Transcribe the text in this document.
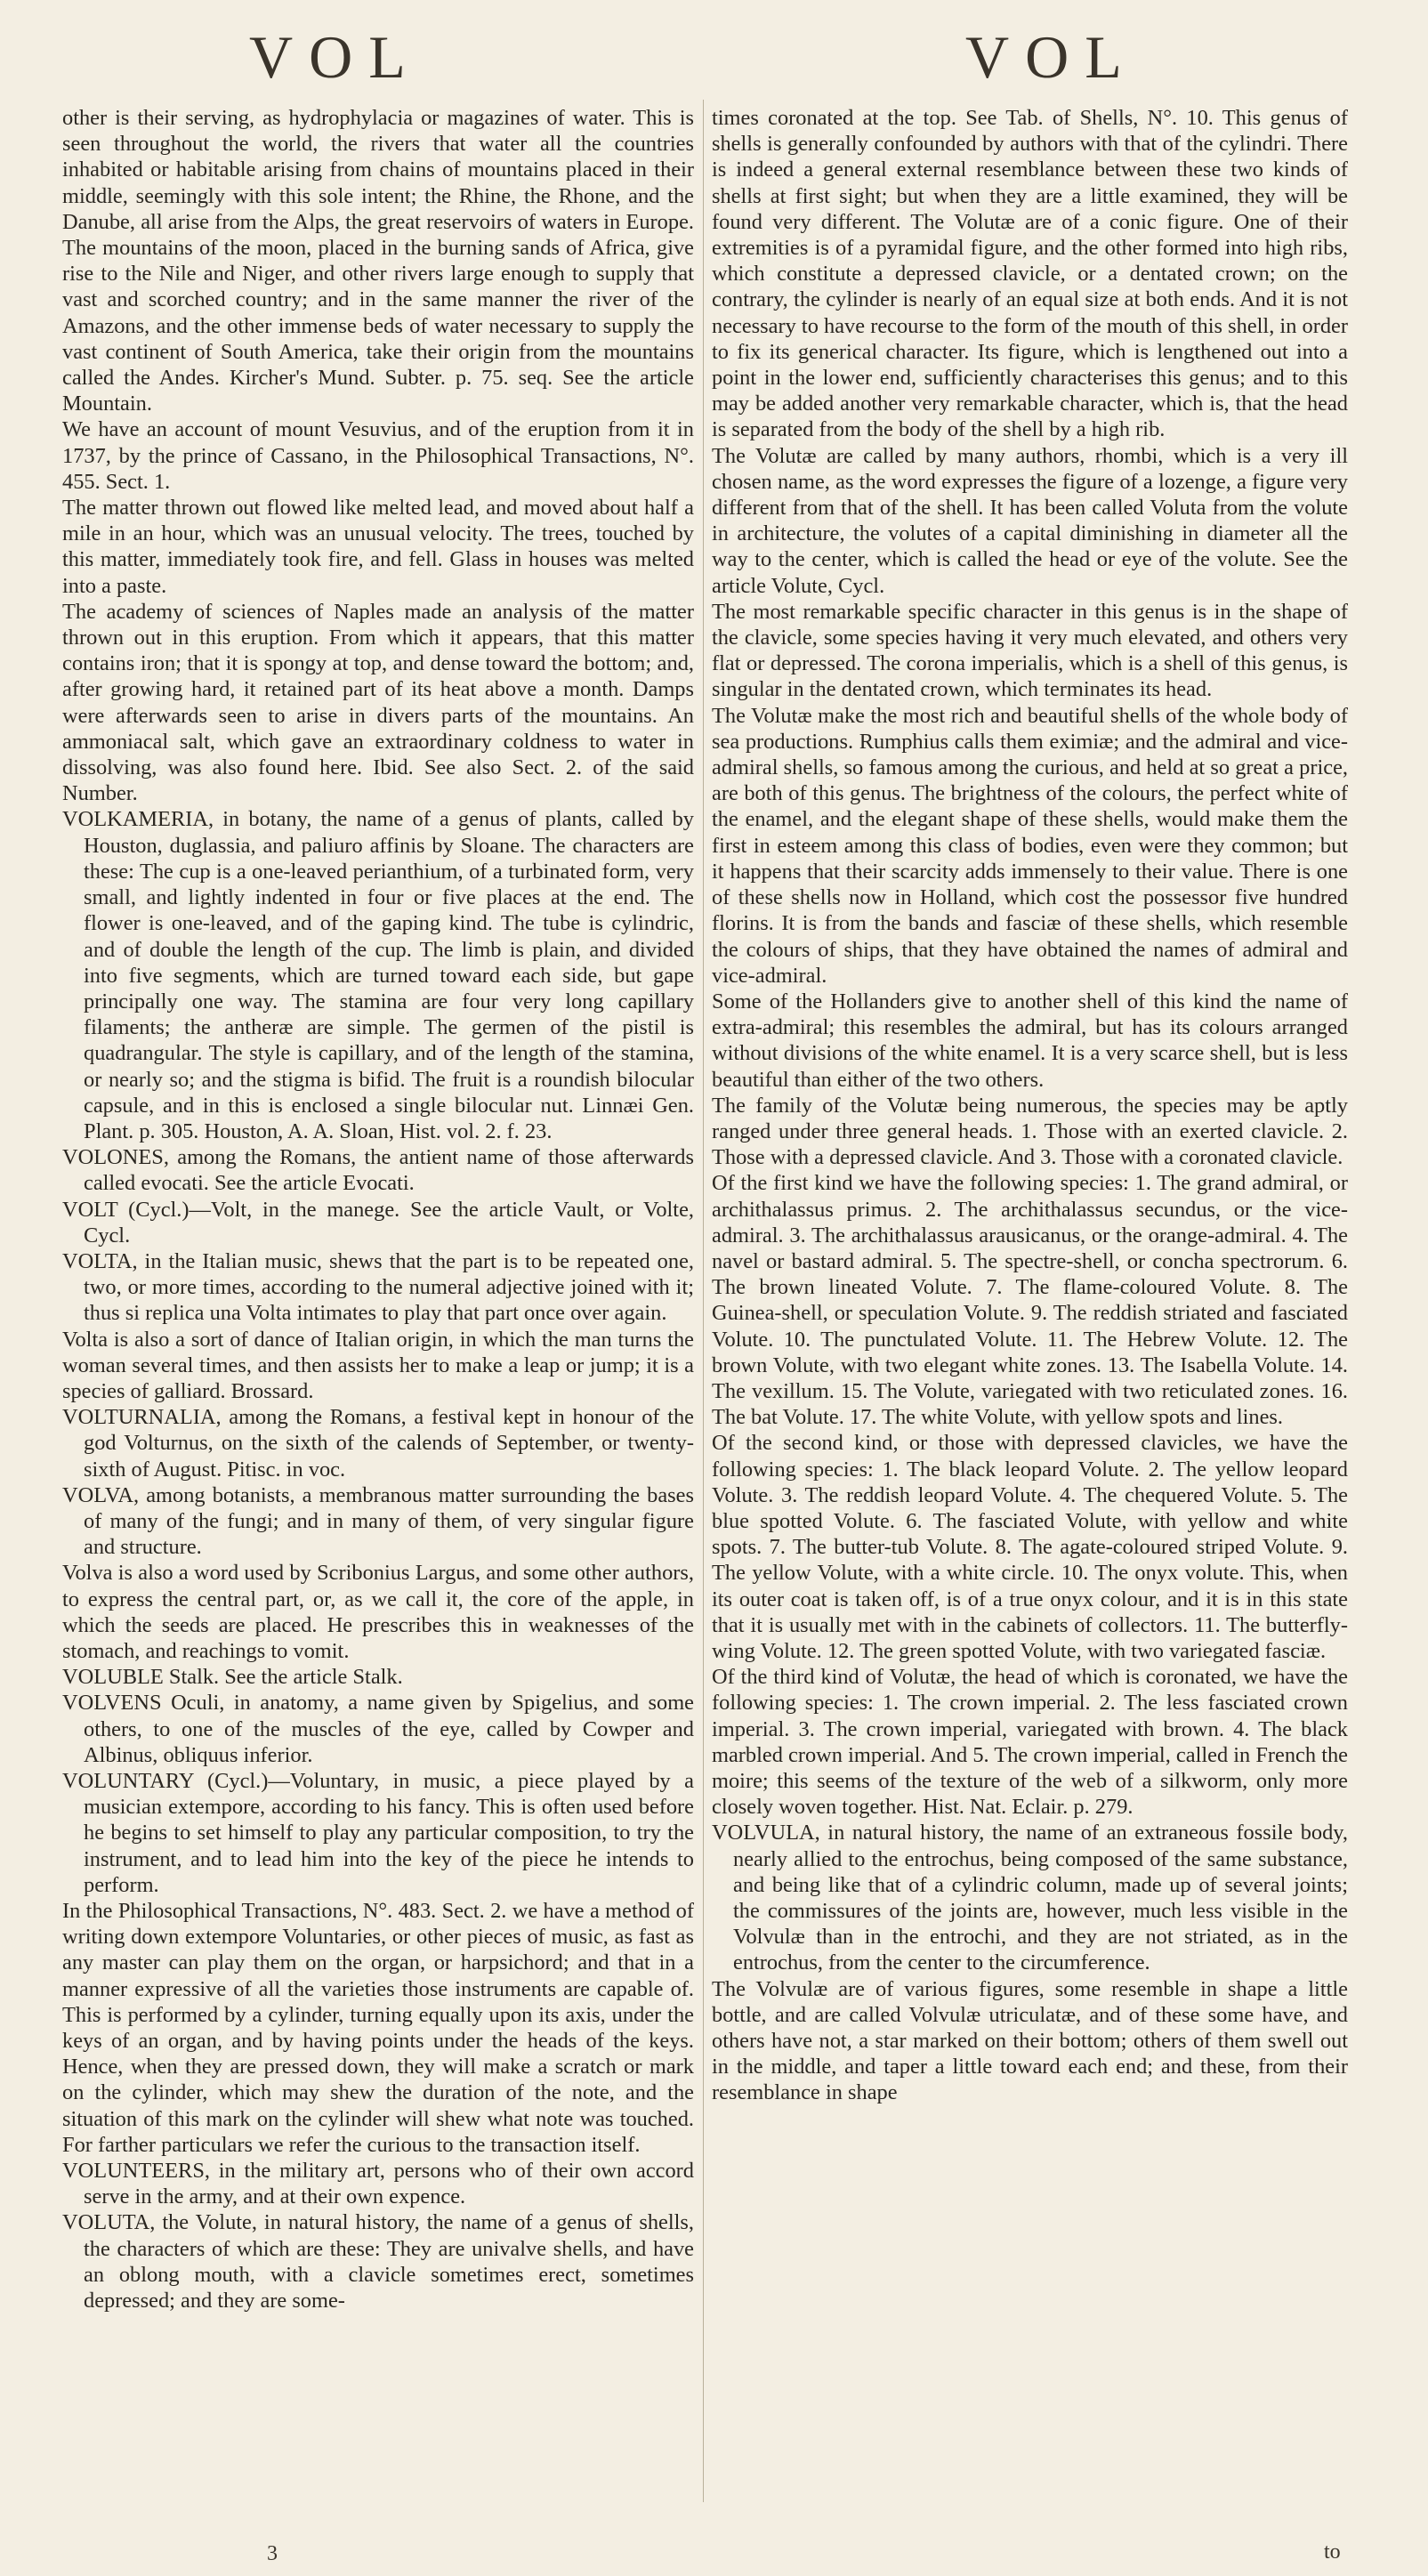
VOL	VOL

other is their serving, as hydrophylacia or magazines of water. This is seen throughout the world, the rivers that water all the countries inhabited or habitable arising from chains of mountains placed in their middle, seemingly with this sole intent; the Rhine, the Rhone, and the Danube, all arise from the Alps, the great reservoirs of waters in Europe. The mountains of the moon, placed in the burning sands of Africa, give rise to the Nile and Niger, and other rivers large enough to supply that vast and scorched country; and in the same manner the river of the Amazons, and the other immense beds of water necessary to supply the vast continent of South America, take their origin from the mountains called the Andes. Kircher's Mund. Subter. p. 75. seq. See the article Mountain.

We have an account of mount Vesuvius, and of the eruption from it in 1737, by the prince of Cassano, in the Philosophical Transactions, N°. 455. Sect. 1.

The matter thrown out flowed like melted lead, and moved about half a mile in an hour, which was an unusual velocity. The trees, touched by this matter, immediately took fire, and fell. Glass in houses was melted into a paste.

The academy of sciences of Naples made an analysis of the matter thrown out in this eruption. From which it appears, that this matter contains iron; that it is spongy at top, and dense toward the bottom; and, after growing hard, it retained part of its heat above a month. Damps were afterwards seen to arise in divers parts of the mountains. An ammoniacal salt, which gave an extraordinary coldness to water in dissolving, was also found here. Ibid. See also Sect. 2. of the said Number.

VOLKAMERIA, in botany, the name of a genus of plants, called by Houston, duglassia, and paliuro affinis by Sloane. The characters are these: The cup is a one-leaved perianthium, of a turbinated form, very small, and lightly indented in four or five places at the end. The flower is one-leaved, and of the gaping kind. The tube is cylindric, and of double the length of the cup. The limb is plain, and divided into five segments, which are turned toward each side, but gape principally one way. The stamina are four very long capillary filaments; the antheræ are simple. The germen of the pistil is quadrangular. The style is capillary, and of the length of the stamina, or nearly so; and the stigma is bifid. The fruit is a roundish bilocular capsule, and in this is enclosed a single bilocular nut. Linnæi Gen. Plant. p. 305. Houston, A. A. Sloan, Hist. vol. 2. f. 23.

VOLONES, among the Romans, the antient name of those afterwards called evocati. See the article Evocati.

VOLT (Cycl.)—Volt, in the manege. See the article Vault, or Volte, Cycl.

VOLTA, in the Italian music, shews that the part is to be repeated one, two, or more times, according to the numeral adjective joined with it; thus si replica una Volta intimates to play that part once over again.

Volta is also a sort of dance of Italian origin, in which the man turns the woman several times, and then assists her to make a leap or jump; it is a species of galliard. Brossard.

VOLTURNALIA, among the Romans, a festival kept in honour of the god Volturnus, on the sixth of the calends of September, or twenty-sixth of August. Pitisc. in voc.

VOLVA, among botanists, a membranous matter surrounding the bases of many of the fungi; and in many of them, of very singular figure and structure.

Volva is also a word used by Scribonius Largus, and some other authors, to express the central part, or, as we call it, the core of the apple, in which the seeds are placed. He prescribes this in weaknesses of the stomach, and reachings to vomit.

VOLUBLE Stalk. See the article Stalk.

VOLVENS Oculi, in anatomy, a name given by Spigelius, and some others, to one of the muscles of the eye, called by Cowper and Albinus, obliquus inferior.

VOLUNTARY (Cycl.)—Voluntary, in music, a piece played by a musician extempore, according to his fancy. This is often used before he begins to set himself to play any particular composition, to try the instrument, and to lead him into the key of the piece he intends to perform.

In the Philosophical Transactions, N°. 483. Sect. 2. we have a method of writing down extempore Voluntaries, or other pieces of music, as fast as any master can play them on the organ, or harpsichord; and that in a manner expressive of all the varieties those instruments are capable of. This is performed by a cylinder, turning equally upon its axis, under the keys of an organ, and by having points under the heads of the keys. Hence, when they are pressed down, they will make a scratch or mark on the cylinder, which may shew the duration of the note, and the situation of this mark on the cylinder will shew what note was touched. For farther particulars we refer the curious to the transaction itself.

VOLUNTEERS, in the military art, persons who of their own accord serve in the army, and at their own expence.

VOLUTA, the Volute, in natural history, the name of a genus of shells, the characters of which are these: They are univalve shells, and have an oblong mouth, with a clavicle sometimes erect, sometimes depressed; and they are some-

times coronated at the top. See Tab. of Shells, N°. 10. This genus of shells is generally confounded by authors with that of the cylindri. There is indeed a general external resemblance between these two kinds of shells at first sight; but when they are a little examined, they will be found very different. The Volutæ are of a conic figure. One of their extremities is of a pyramidal figure, and the other formed into high ribs, which constitute a depressed clavicle, or a dentated crown; on the contrary, the cylinder is nearly of an equal size at both ends. And it is not necessary to have recourse to the form of the mouth of this shell, in order to fix its generical character. Its figure, which is lengthened out into a point in the lower end, sufficiently characterises this genus; and to this may be added another very remarkable character, which is, that the head is separated from the body of the shell by a high rib.

The Volutæ are called by many authors, rhombi, which is a very ill chosen name, as the word expresses the figure of a lozenge, a figure very different from that of the shell. It has been called Voluta from the volute in architecture, the volutes of a capital diminishing in diameter all the way to the center, which is called the head or eye of the volute. See the article Volute, Cycl.

The most remarkable specific character in this genus is in the shape of the clavicle, some species having it very much elevated, and others very flat or depressed. The corona imperialis, which is a shell of this genus, is singular in the dentated crown, which terminates its head.

The Volutæ make the most rich and beautiful shells of the whole body of sea productions. Rumphius calls them eximiæ; and the admiral and vice-admiral shells, so famous among the curious, and held at so great a price, are both of this genus. The brightness of the colours, the perfect white of the enamel, and the elegant shape of these shells, would make them the first in esteem among this class of bodies, even were they common; but it happens that their scarcity adds immensely to their value. There is one of these shells now in Holland, which cost the possessor five hundred florins. It is from the bands and fasciæ of these shells, which resemble the colours of ships, that they have obtained the names of admiral and vice-admiral.

Some of the Hollanders give to another shell of this kind the name of extra-admiral; this resembles the admiral, but has its colours arranged without divisions of the white enamel. It is a very scarce shell, but is less beautiful than either of the two others.

The family of the Volutæ being numerous, the species may be aptly ranged under three general heads. 1. Those with an exerted clavicle. 2. Those with a depressed clavicle. And 3. Those with a coronated clavicle.

Of the first kind we have the following species: 1. The grand admiral, or archithalassus primus. 2. The archithalassus secundus, or the vice-admiral. 3. The archithalassus arausicanus, or the orange-admiral. 4. The navel or bastard admiral. 5. The spectre-shell, or concha spectrorum. 6. The brown lineated Volute. 7. The flame-coloured Volute. 8. The Guinea-shell, or speculation Volute. 9. The reddish striated and fasciated Volute. 10. The punctulated Volute. 11. The Hebrew Volute. 12. The brown Volute, with two elegant white zones. 13. The Isabella Volute. 14. The vexillum. 15. The Volute, variegated with two reticulated zones. 16. The bat Volute. 17. The white Volute, with yellow spots and lines.

Of the second kind, or those with depressed clavicles, we have the following species: 1. The black leopard Volute. 2. The yellow leopard Volute. 3. The reddish leopard Volute. 4. The chequered Volute. 5. The blue spotted Volute. 6. The fasciated Volute, with yellow and white spots. 7. The butter-tub Volute. 8. The agate-coloured striped Volute. 9. The yellow Volute, with a white circle. 10. The onyx volute. This, when its outer coat is taken off, is of a true onyx colour, and it is in this state that it is usually met with in the cabinets of collectors. 11. The butterfly-wing Volute. 12. The green spotted Volute, with two variegated fasciæ.

Of the third kind of Volutæ, the head of which is coronated, we have the following species: 1. The crown imperial. 2. The less fasciated crown imperial. 3. The crown imperial, variegated with brown. 4. The black marbled crown imperial. And 5. The crown imperial, called in French the moire; this seems of the texture of the web of a silkworm, only more closely woven together. Hist. Nat. Eclair. p. 279.

VOLVULA, in natural history, the name of an extraneous fossile body, nearly allied to the entrochus, being composed of the same substance, and being like that of a cylindric column, made up of several joints; the commissures of the joints are, however, much less visible in the Volvulæ than in the entrochi, and they are not striated, as in the entrochus, from the center to the circumference.

The Volvulæ are of various figures, some resemble in shape a little bottle, and are called Volvulæ utriculatæ, and of these some have, and others have not, a star marked on their bottom; others of them swell out in the middle, and taper a little toward each end; and these, from their resemblance in shape

3	to
